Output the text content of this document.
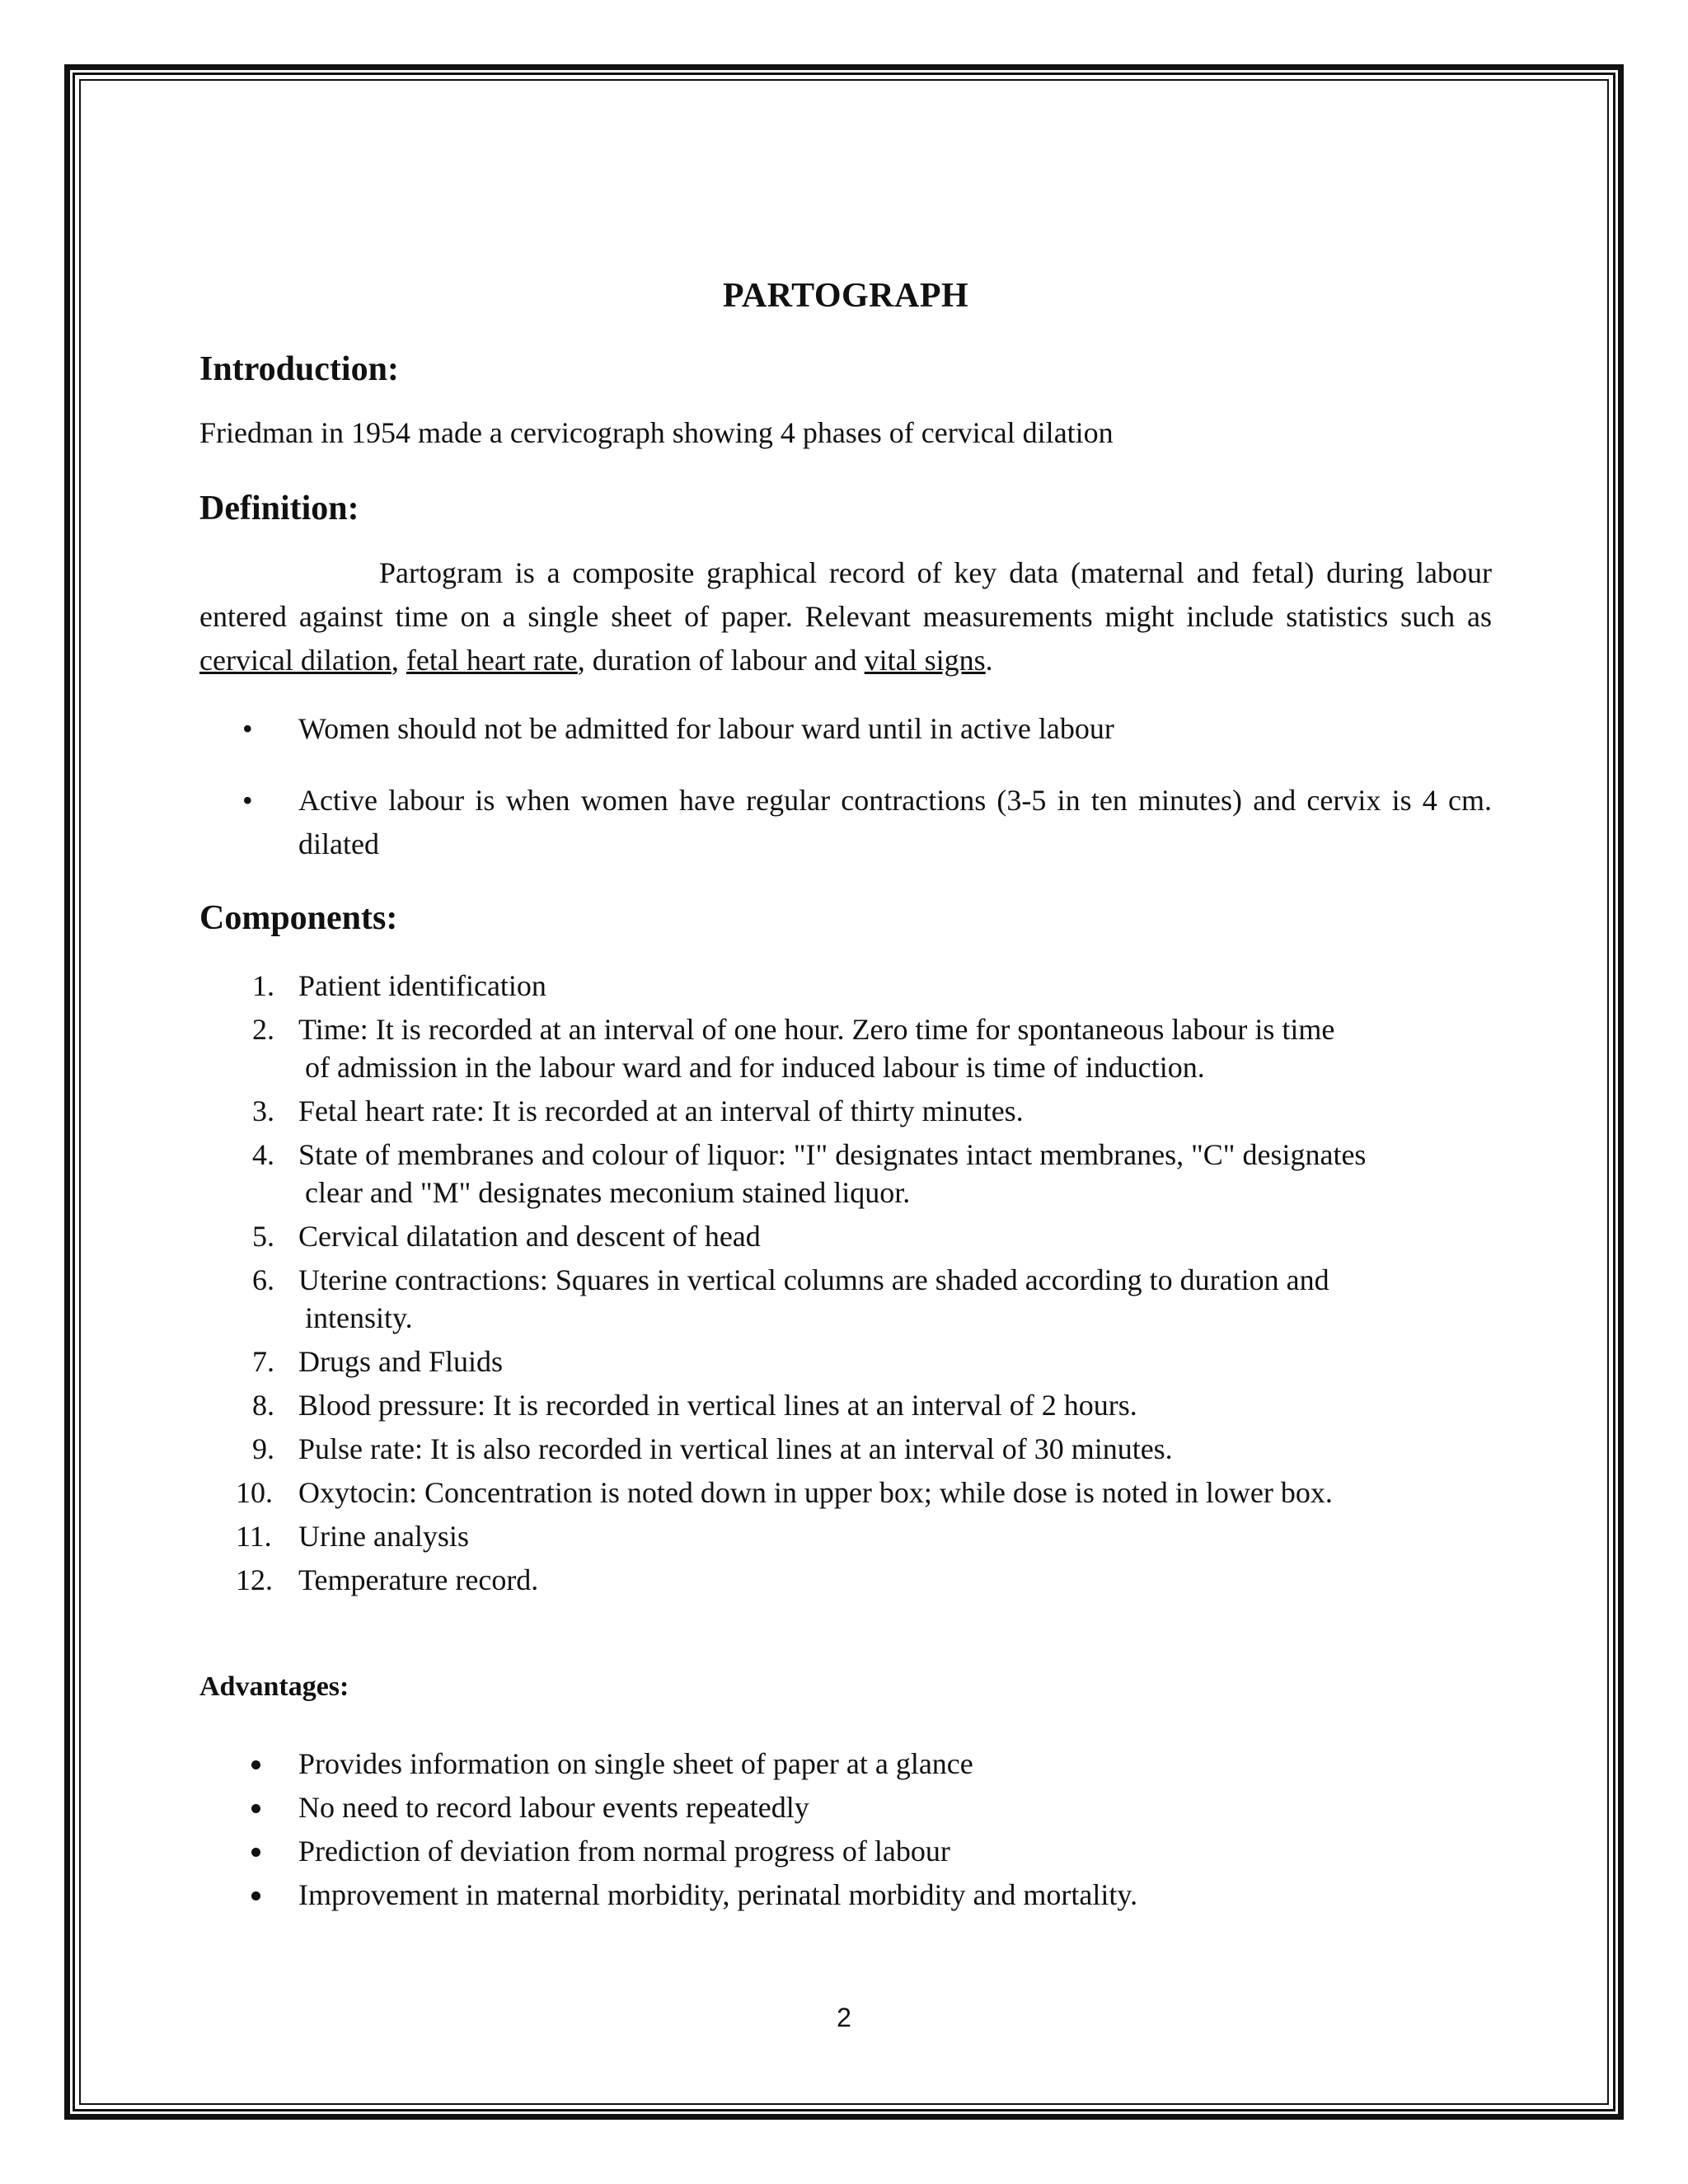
PARTOGRAPH
Introduction:

Friedman in 1954 made a cervicograph showing 4 phases of cervical dilation

Definition:

Partogram is a composite graphical record of key data (maternal and fetal) during labour entered against time on a single sheet of paper. Relevant measurements might include statistics such as cervical dilation, fetal heart rate, duration of labour and vital signs.

• Women should not be admitted for labour ward until in active labour
• Active labour is when women have regular contractions (3-5 in ten minutes) and cervix is 4 cm. dilated
Components:
1. Patient identification
2. Time: It is recorded at an interval of one hour. Zero time for spontaneous labour is time
of admission in the labour ward and for induced labour is time of induction.
3. Fetal heart rate: It is recorded at an interval of thirty minutes.
4. State of membranes and colour of liquor: "I" designates intact membranes, "C" designates
clear and "M" designates meconium stained liquor.
5. Cervical dilatation and descent of head
6. Uterine contractions: Squares in vertical columns are shaded according to duration and
intensity.
7. Drugs and Fluids
8. Blood pressure: It is recorded in vertical lines at an interval of 2 hours.
9. Pulse rate: It is also recorded in vertical lines at an interval of 30 minutes.
10. Oxytocin: Concentration is noted down in upper box; while dose is noted in lower box.
11. Urine analysis
12. Temperature record.
Advantages:
Provides information on single sheet of paper at a glance
No need to record labour events repeatedly
Prediction of deviation from normal progress of labour
Improvement in maternal morbidity, perinatal morbidity and mortality.
2
